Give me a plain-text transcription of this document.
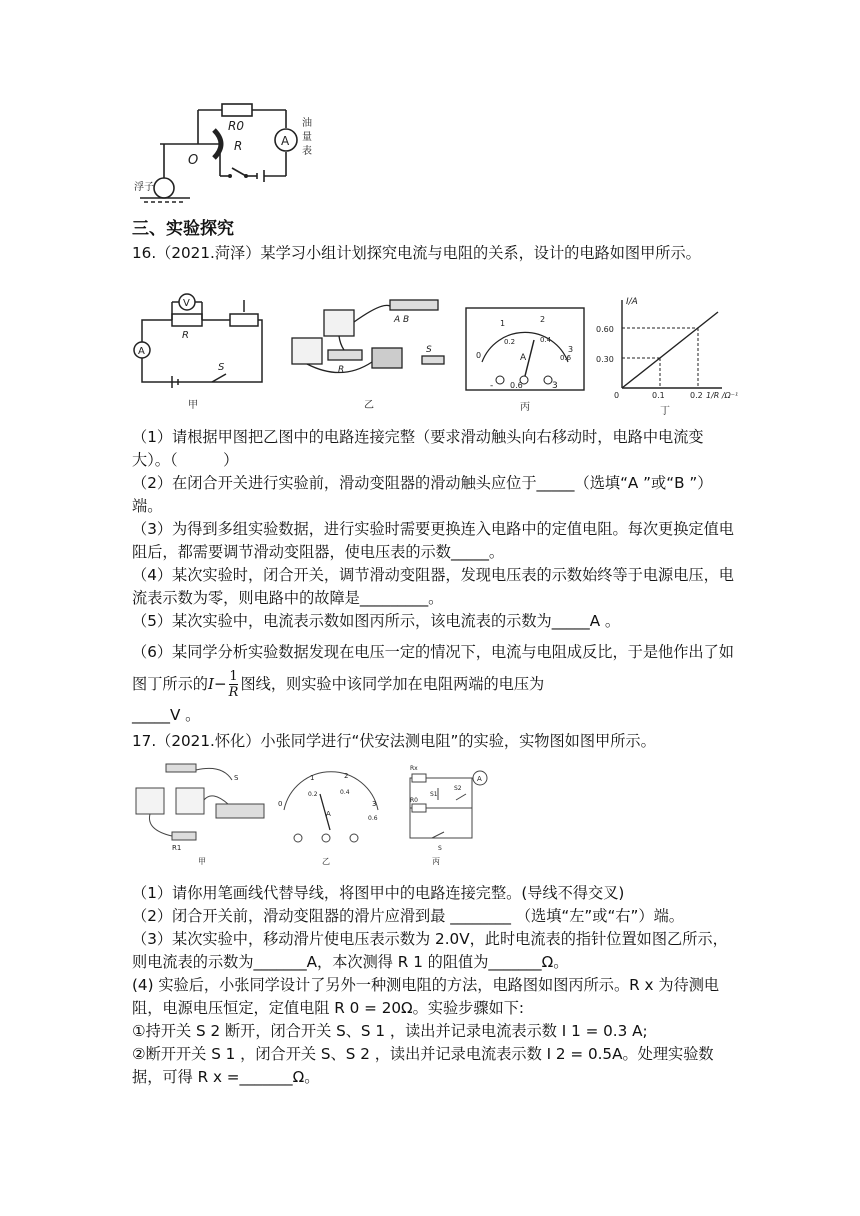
R0
R
O
A
油
量
表
浮子
三、实验探究

16.（2021.菏泽）某学习小组计划探究电流与电阻的关系，设计的电路如图甲所示。

A
V
R
S
甲
A B
R
S
乙
0
1	2
3
0.2	0.4
0.6
A
- 0.6	3
丙
I/A
0.60
0.30
0	0.1	0.2 1/R /Ω⁻¹
丁

（1）请根据甲图把乙图中的电路连接完整（要求滑动触头向右移动时，电路中电流变大）。（　　　）

（2）在闭合开关进行实验前，滑动变阻器的滑动触头应位于_____（选填“A ”或“B ”）端。

（3）为得到多组实验数据，进行实验时需要更换连入电路中的定值电阻。每次更换定值电阻后，都需要调节滑动变阻器，使电压表的示数_____。

（4）某次实验时，闭合开关，调节滑动变阻器，发现电压表的示数始终等于电源电压，电流表示数为零，则电路中的故障是_________。

（5）某次实验中，电流表示数如图丙所示，该电流表的示数为_____A 。

（6）某同学分析实验数据发现在电压一定的情况下，电流与电阻成反比，于是他作出了如图丁所示的$I- \frac{1}{R}$ 图线，则实验中该同学加在电阻两端的电压为

_____V 。

17.（2021.怀化）小张同学进行“伏安法测电阻”的实验，实物图如图甲所示。

S
R1
甲
0
1	2
3
0.2	0.4
0.6
A
乙
Rx
R0
A
S1
S2
S
丙

（1）请你用笔画线代替导线，将图甲中的电路连接完整。(导线不得交叉)

（2）闭合开关前，滑动变阻器的滑片应滑到最 ________ （选填“左”或“右”）端。

（3）某次实验中，移动滑片使电压表示数为 2.0V，此时电流表的指针位置如图乙所示，则电流表的示数为_______A，本次测得 R 1 的阻值为_______Ω。

(4) 实验后，小张同学设计了另外一种测电阻的方法，电路图如图丙所示。R x 为待测电阻，电源电压恒定，定值电阻 R 0 = 20Ω。实验步骤如下:

①持开关 S 2 断开，闭合开关 S、S 1 ，读出并记录电流表示数 I 1 = 0.3 A;

②断开开关 S 1 ，闭合开关 S、S 2 ，读出并记录电流表示数 I 2 = 0.5A。处理实验数据，可得 R x =_______Ω。
